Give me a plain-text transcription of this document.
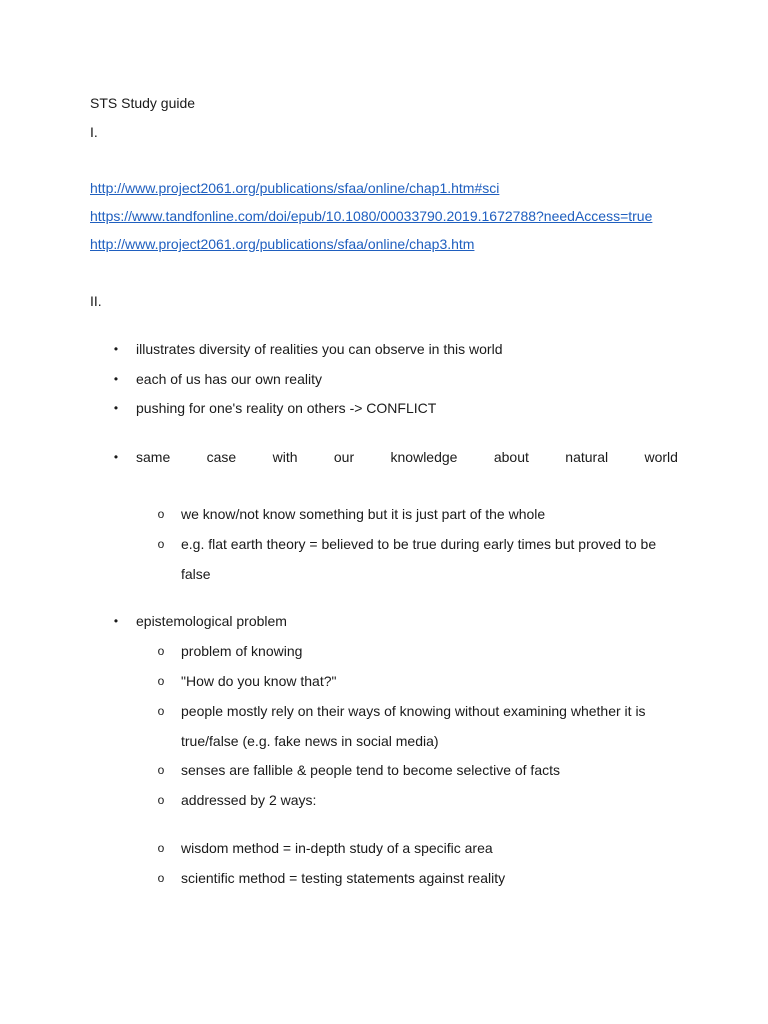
STS Study guide
I.
http://www.project2061.org/publications/sfaa/online/chap1.htm#sci
https://www.tandfonline.com/doi/epub/10.1080/00033790.2019.1672788?needAccess=true
http://www.project2061.org/publications/sfaa/online/chap3.htm
II.
• illustrates diversity of realities you can observe in this world
• each of us has our own reality
• pushing for one's reality on others -> CONFLICT
• same	case	with	our	knowledge	about	natural	world
o we know/not know something but it is just part of the whole
o e.g. flat earth theory = believed to be true during early times but proved to be false
• epistemological problem
o problem of knowing
o "How do you know that?"
o people mostly rely on their ways of knowing without examining whether it is true/false (e.g. fake news in social media)
o senses are fallible & people tend to become selective of facts
o addressed by 2 ways:
o wisdom method = in-depth study of a specific area
o scientific method = testing statements against reality
